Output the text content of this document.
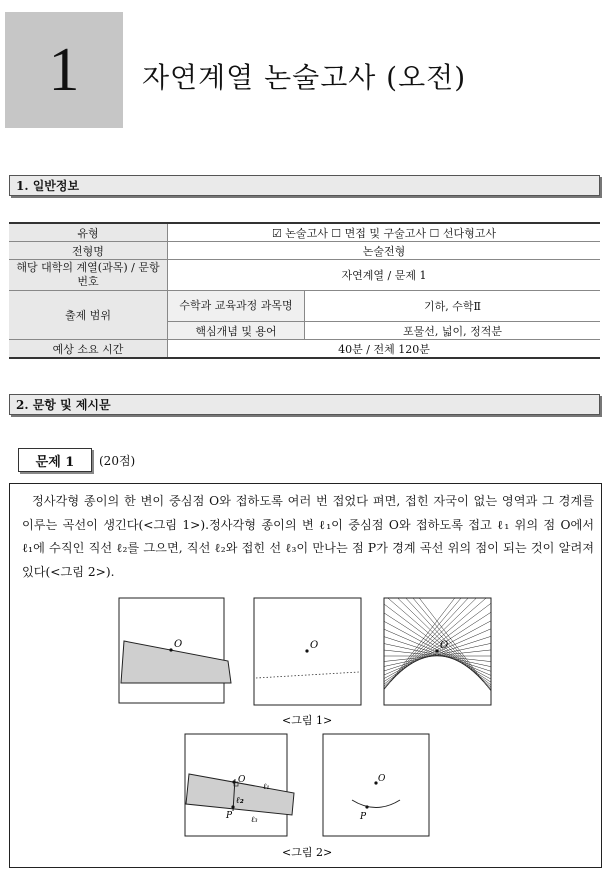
1	자연계열 논술고사 (오전)
1. 일반정보
유형	☑ 논술고사 ☐ 면접 및 구술고사 ☐ 선다형고사	
전형명	논술전형	
해당 대학의 계열(과목) / 문항번호	자연계열 / 문제 1	
출제 범위	수학과 교육과정 과목명	기하, 수학Ⅱ
	핵심개념 및 용어	포물선, 넓이, 정적분
예상 소요 시간	40분 / 전체 120분	
2. 문항 및 제시문
문제 1	(20점)
정사각형 종이의 한 변이 중심점 O와 접하도록 여러 번 접었다 펴면, 접힌 자국이 없는 영역과 그 경계를 이루는 곡선이 생긴다(<그림 1>).정사각형 종이의 변 ℓ₁이 중심점 O와 접하도록 접고 ℓ₁ 위의 점 O에서 ℓ₁에 수직인 직선 ℓ₂를 그으면, 직선 ℓ₂와 접힌 선 ℓ₃이 만나는 점 P가 경계 곡선 위의 점이 되는 것이 알려져 있다(<그림 2>).
O	O	O
<그림 1>
O
ℓ₁
ℓ₂
P ℓ₃
O
P
<그림 2>
